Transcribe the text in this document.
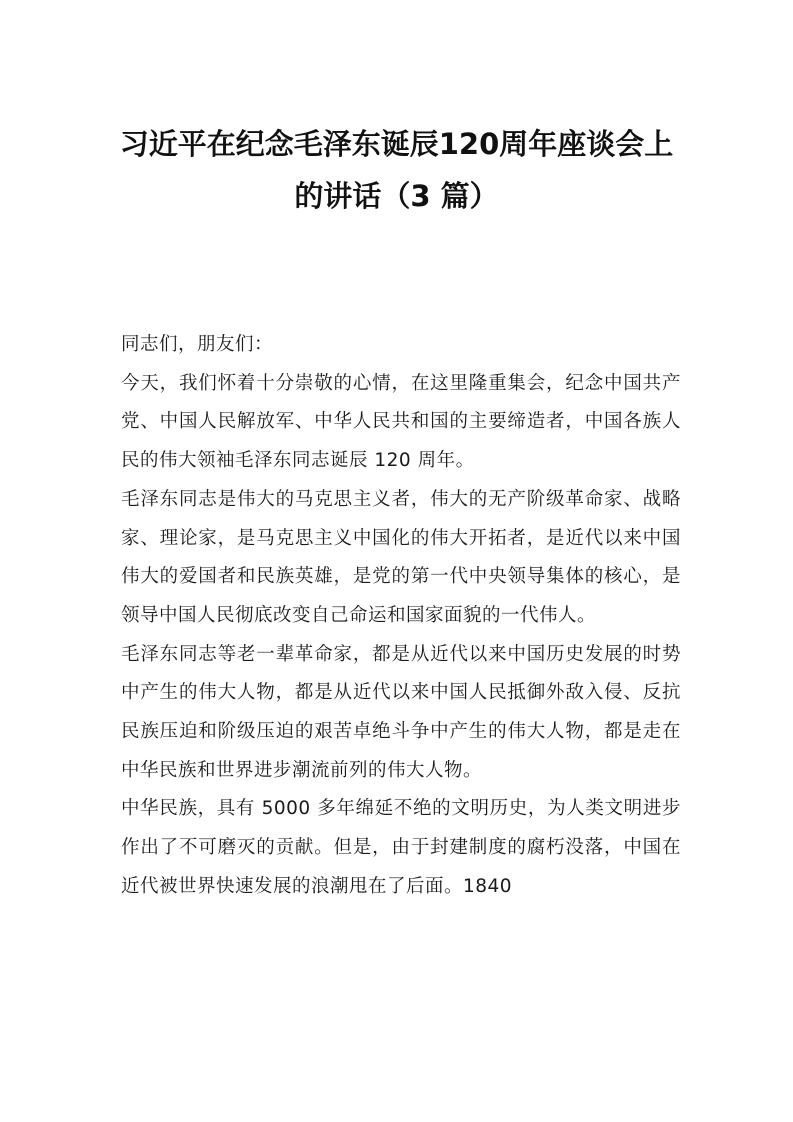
习近平在纪念毛泽东诞辰120周年座谈会上
的讲话（3 篇）

同志们，朋友们：

今天，我们怀着十分崇敬的心情，在这里隆重集会，纪念中国共产党、中国人民解放军、中华人民共和国的主要缔造者，中国各族人民的伟大领袖毛泽东同志诞辰 120 周年。

毛泽东同志是伟大的马克思主义者，伟大的无产阶级革命家、战略家、理论家，是马克思主义中国化的伟大开拓者，是近代以来中国伟大的爱国者和民族英雄，是党的第一代中央领导集体的核心，是领导中国人民彻底改变自己命运和国家面貌的一代伟人。

毛泽东同志等老一辈革命家，都是从近代以来中国历史发展的时势中产生的伟大人物，都是从近代以来中国人民抵御外敌入侵、反抗民族压迫和阶级压迫的艰苦卓绝斗争中产生的伟大人物，都是走在中华民族和世界进步潮流前列的伟大人物。

中华民族，具有 5000 多年绵延不绝的文明历史，为人类文明进步作出了不可磨灭的贡献。但是，由于封建制度的腐朽没落，中国在近代被世界快速发展的浪潮甩在了后面。1840
